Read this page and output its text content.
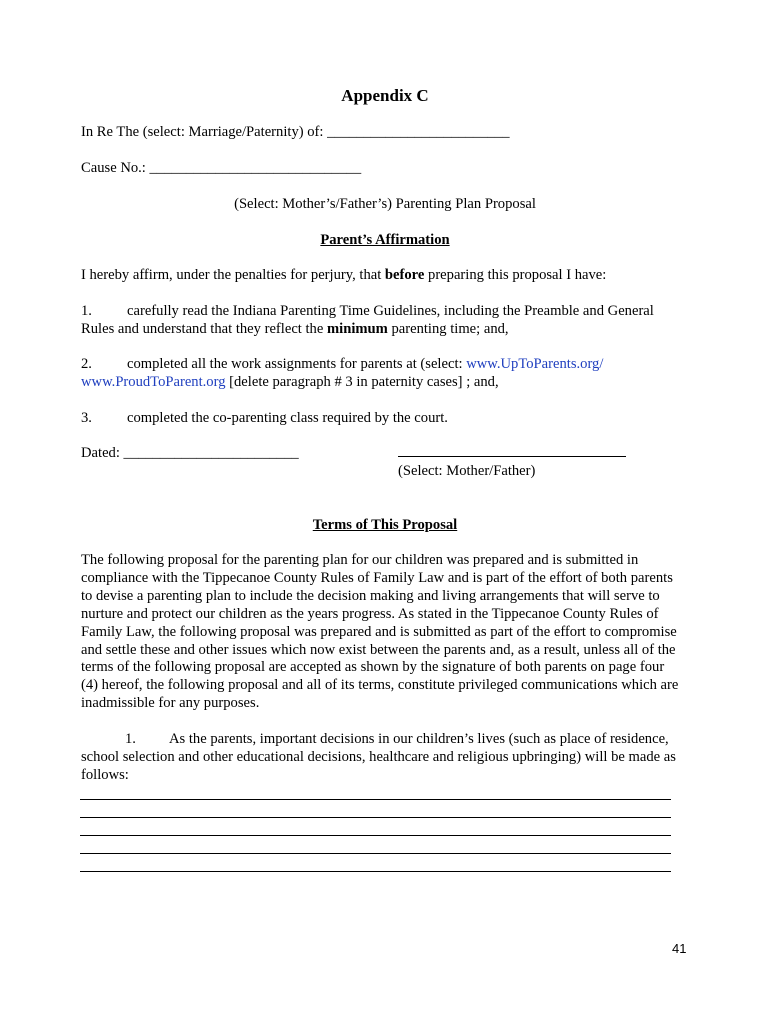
Appendix C
In Re The (select: Marriage/Paternity) of: _________________________
Cause No.: _____________________________
(Select: Mother’s/Father’s) Parenting Plan Proposal
Parent’s Affirmation
I hereby affirm, under the penalties for perjury, that before preparing this proposal I have:
1. carefully read the Indiana Parenting Time Guidelines, including the Preamble and General Rules and understand that they reflect the minimum parenting time; and,
2. completed all the work assignments for parents at (select: www.UpToParents.org/
www.ProudToParent.org [delete paragraph # 3 in paternity cases] ; and,
3. completed the co-parenting class required by the court.
Dated: ________________________
(Select: Mother/Father)
Terms of This Proposal
The following proposal for the parenting plan for our children was prepared and is submitted in compliance with the Tippecanoe County Rules of Family Law and is part of the effort of both parents to devise a parenting plan to include the decision making and living arrangements that will serve to nurture and protect our children as the years progress. As stated in the Tippecanoe County Rules of Family Law, the following proposal was prepared and is submitted as part of the effort to compromise and settle these and other issues which now exist between the parents and, as a result, unless all of the terms of the following proposal are accepted as shown by the signature of both parents on page four (4) hereof, the following proposal and all of its terms, constitute privileged communications which are inadmissible for any purposes.
1. As the parents, important decisions in our children’s lives (such as place of residence, school selection and other educational decisions, healthcare and religious upbringing) will be made as follows:
41
